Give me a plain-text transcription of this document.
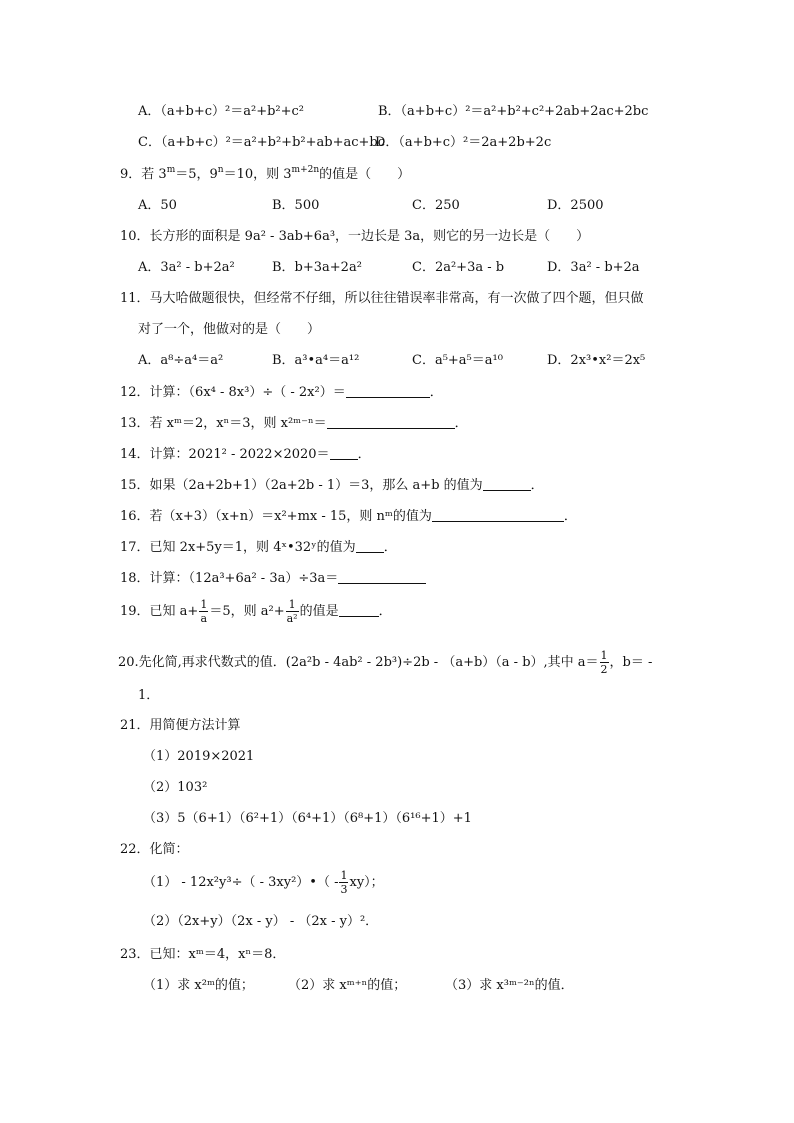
A．（a+b+c）²＝a²+b²+c²	B．（a+b+c）²＝a²+b²+c²+2ab+2ac+2bc
C．（a+b+c）²＝a²+b²+b²+ab+ac+bc
D．（a+b+c）²＝2a+2b+2c
9．若 $3^m=5$，$9^n=10$，则 $3^{m+2n}$的值是（　　）
A．50	B．500	C．250	D．2500
10．长方形的面积是 9a² - 3ab+6a³，一边长是 3a，则它的另一边长是（　　）
A．3a² - b+2a²	B．b+3a+2a²	C．2a²+3a - b	D．3a² - b+2a
11．马大哈做题很快，但经常不仔细，所以往往错误率非常高，有一次做了四个题，但只做
对了一个，他做对的是（　　）
A．a⁸÷a⁴＝a²	B．a³•a⁴＝a¹²	C．a⁵+a⁵＝a¹⁰	D．2x³•x²＝2x⁵
12．计算：（6x⁴ - 8x³）÷（ - 2x²）＝	．
13．若 xᵐ＝2，xⁿ＝3，则 x²ᵐ⁻ⁿ＝	．
14．计算：2021² - 2022×2020＝ ．
15．如果（2a+2b+1）（2a+2b - 1）＝3，那么 a+b 的值为	．
16．若（x+3）（x+n）＝x²+mx - 15，则 nᵐ的值为	．
17．已知 2x+5y＝1，则 4ˣ•32ʸ的值为 ．
18．计算：（12a³+6a² - 3a）÷3a＝
19．已知 $a+ \frac{1}{a} =5$，则 $a^2+ \frac{1}{\text{a²}}$ 的值是	．
20.先化简,再求代数式的值．(2a²b - 4ab² - 2b³)÷2b - （a+b）（a - b）,其中 $a= \frac{1}{2}$ ，b＝ -
1．
21．用简便方法计算
（1）2019×2021
（2）103²
（3）5（6+1）（6²+1）（6⁴+1）（6⁸+1）（6¹⁶+1）+1
22．化简：
（1） - 12x²y³÷（ - 3xy²）•（ - $\frac{1}{3} xy$）；
（2）（2x+y）（2x - y） - （2x - y）²．
23．已知：xᵐ＝4，xⁿ＝8．
（1）求 x²ᵐ的值；	（2）求 xᵐ⁺ⁿ的值；	（3）求 x³ᵐ⁻²ⁿ的值．
